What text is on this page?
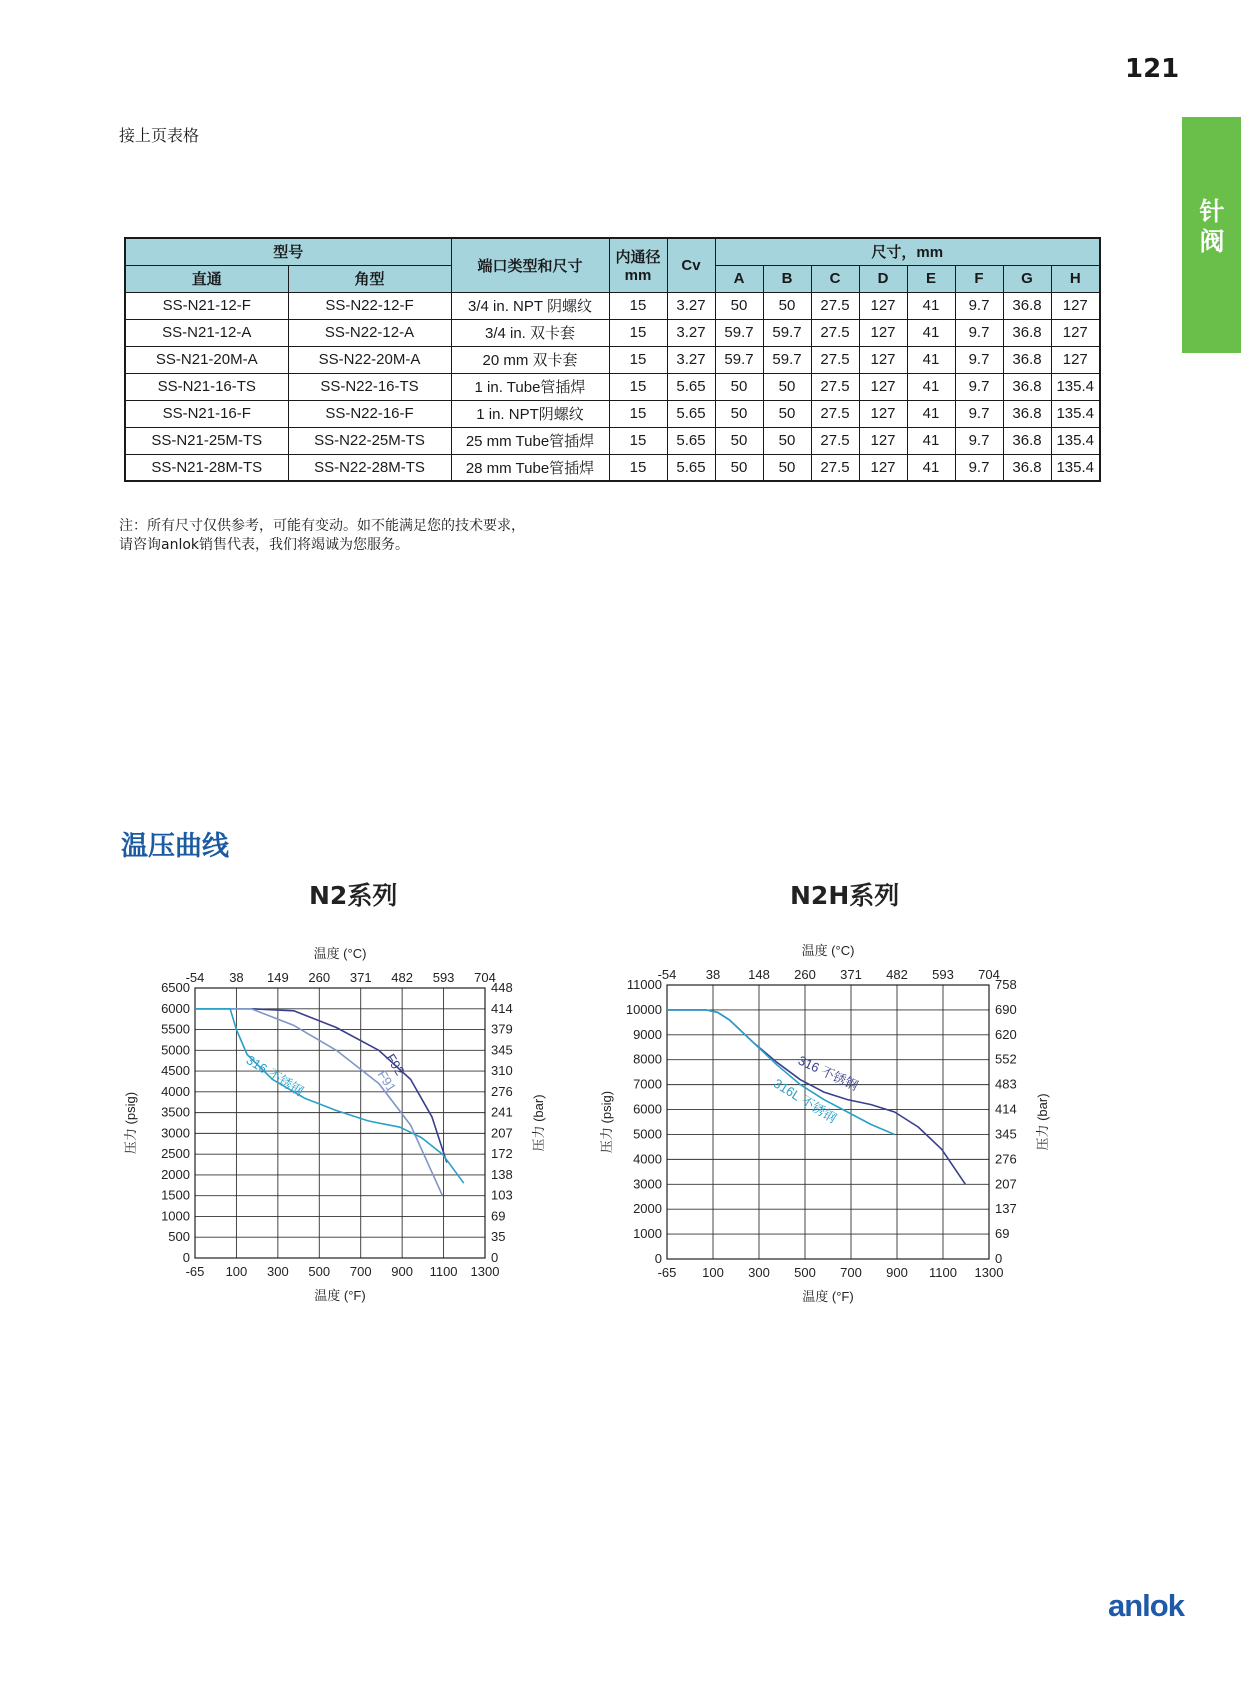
121
针阀
接上页表格
型号		端口类型和尺寸	内通径
mm	Cv	尺寸，mm							
直通	角型				A	B	C	D	E	F	G	H
SS-N21-12-F	SS-N22-12-F	3/4 in. NPT 阴螺纹	15	3.27	50	50	27.5	127	41	9.7	36.8	127
SS-N21-12-A	SS-N22-12-A	3/4 in. 双卡套	15	3.27	59.7	59.7	27.5	127	41	9.7	36.8	127
SS-N21-20M-A	SS-N22-20M-A	20 mm 双卡套	15	3.27	59.7	59.7	27.5	127	41	9.7	36.8	127
SS-N21-16-TS	SS-N22-16-TS	1 in. Tube管插焊	15	5.65	50	50	27.5	127	41	9.7	36.8	135.4
SS-N21-16-F	SS-N22-16-F	1 in. NPT阴螺纹	15	5.65	50	50	27.5	127	41	9.7	36.8	135.4
SS-N21-25M-TS	SS-N22-25M-TS	25 mm Tube管插焊	15	5.65	50	50	27.5	127	41	9.7	36.8	135.4
SS-N21-28M-TS	SS-N22-28M-TS	28 mm Tube管插焊	15	5.65	50	50	27.5	127	41	9.7	36.8	135.4
注：所有尺寸仅供参考，可能有变动。如不能满足您的技术要求，
请咨询anlok销售代表，我们将竭诚为您服务。
温压曲线
N2系列	N2H系列
-65 100 300 500 700 900 1100 1300
-54 38 149 260 371 482 593 704
0
500
1000
1500
2000
2500
3000
3500
4000
4500
5000
5500
6000
6500
0
35
69
103
138
172
207
241
276
310
345
379
414
448
温度 (°F)
温度 (°C)
压力 (psig)	压力 (bar)
F92
F91
316 不锈钢
-65 100 300 500 700 900 1100 1300
-54 38 148 260 371 482 593 704
0
1000
2000
3000
4000
5000
6000
7000
8000
9000
10000
11000
0
69
137
207
276
345
414
483
552
620
690
758
温度 (°F)
温度 (°C)
压力 (psig)	压力 (bar)
316 不锈钢
316L 不锈钢
anlok
